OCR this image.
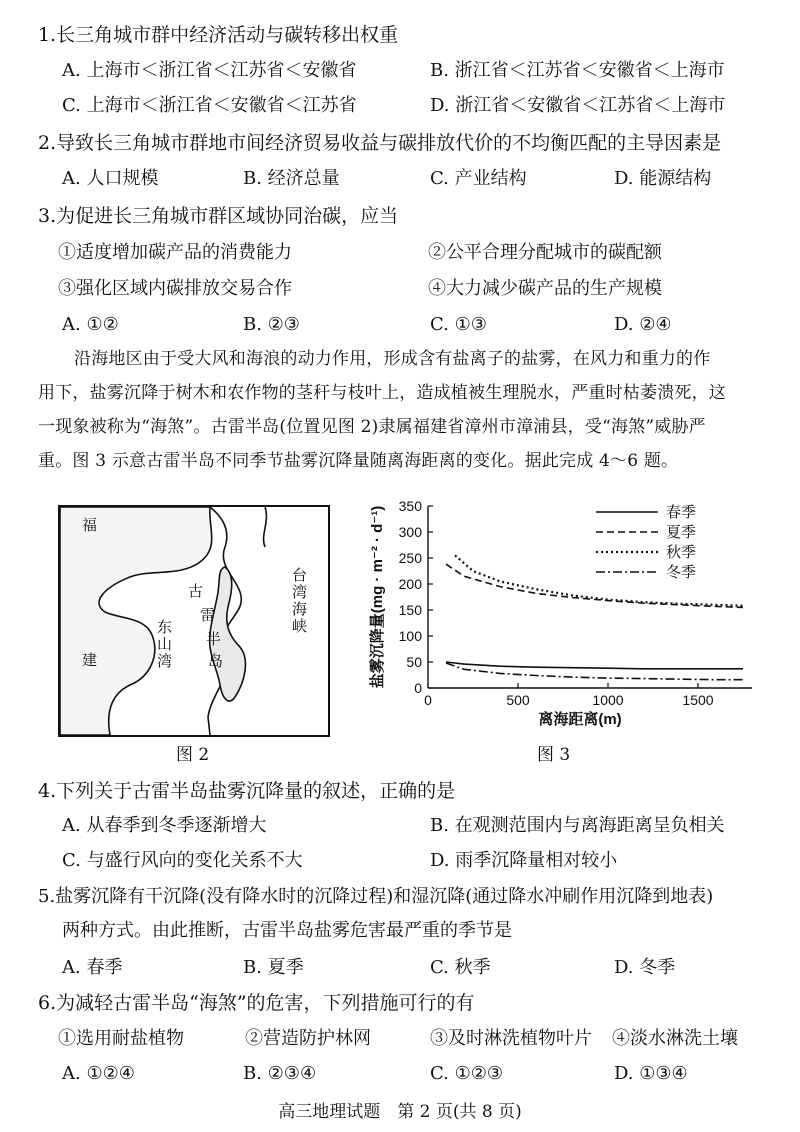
1.长三角城市群中经济活动与碳转移出权重
A. 上海市＜浙江省＜江苏省＜安徽省	B. 浙江省＜江苏省＜安徽省＜上海市
C. 上海市＜浙江省＜安徽省＜江苏省	D. 浙江省＜安徽省＜江苏省＜上海市
2.导致长三角城市群地市间经济贸易收益与碳排放代价的不均衡匹配的主导因素是
A. 人口规模	B. 经济总量	C. 产业结构	D. 能源结构
3.为促进长三角城市群区域协同治碳，应当
①适度增加碳产品的消费能力	②公平合理分配城市的碳配额
③强化区域内碳排放交易合作	④大力减少碳产品的生产规模
A. ①②	B. ②③	C. ①③	D. ②④
沿海地区由于受大风和海浪的动力作用，形成含有盐离子的盐雾，在风力和重力的作
用下，盐雾沉降于树木和农作物的茎秆与枝叶上，造成植被生理脱水，严重时枯萎溃死，这
一现象被称为“海煞”。古雷半岛(位置见图 2)隶属福建省漳州市漳浦县，受“海煞”威胁严
重。图 3 示意古雷半岛不同季节盐雾沉降量随离海距离的变化。据此完成 4～6 题。
福
建
东
山
湾
古
雷
半
岛
台
湾
海
峡
图 2
0
50
100
150
200
250
300
350
0	500	1000	1500
离海距离(m)
盐雾沉降量(mg · m⁻² · d⁻¹)	春季
夏季
秋季
冬季
图 3
4.下列关于古雷半岛盐雾沉降量的叙述，正确的是
A. 从春季到冬季逐渐增大	B. 在观测范围内与离海距离呈负相关
C. 与盛行风向的变化关系不大	D. 雨季沉降量相对较小
5.盐雾沉降有干沉降(没有降水时的沉降过程)和湿沉降(通过降水冲刷作用沉降到地表)
两种方式。由此推断，古雷半岛盐雾危害最严重的季节是
A. 春季	B. 夏季	C. 秋季	D. 冬季
6.为减轻古雷半岛“海煞”的危害，下列措施可行的有
①选用耐盐植物	②营造防护林网	③及时淋洗植物叶片 ④淡水淋洗土壤
A. ①②④	B. ②③④	C. ①②③	D. ①③④
高三地理试题　第 2 页(共 8 页)
